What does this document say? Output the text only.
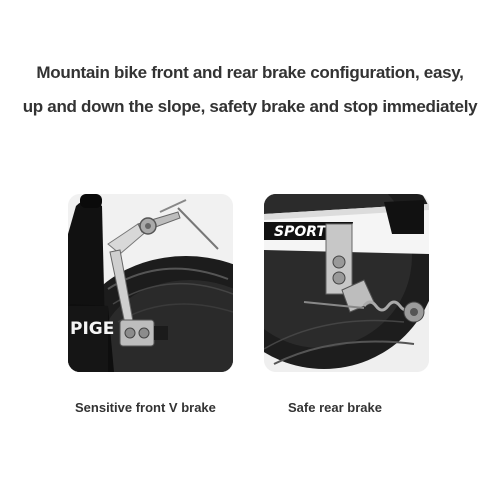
Mountain bike front and rear brake configuration, easy,
up and down the slope, safety brake and stop immediately
PIGE
SPORT
Sensitive front V brake	Safe rear brake
